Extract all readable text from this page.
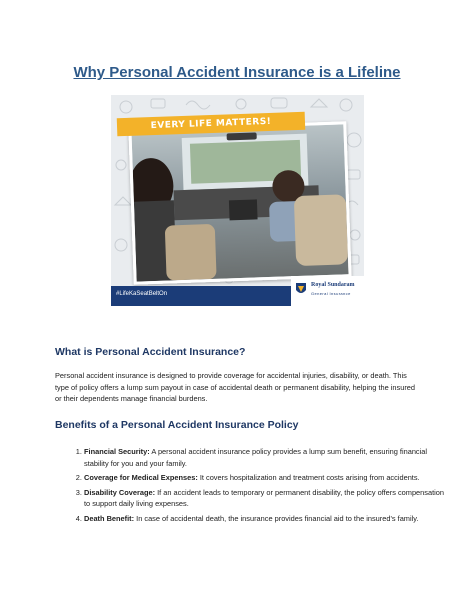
Why Personal Accident Insurance is a Lifeline
EVERY LIFE MATTERS!
#LifeKaSeatBeltOn
Royal Sundaram
General Insurance
What is Personal Accident Insurance?

Personal accident insurance is designed to provide coverage for accidental injuries, disability, or death. This type of policy offers a lump sum payout in case of accidental death or permanent disability, helping the insured or their dependents manage financial burdens.

Benefits of a Personal Accident Insurance Policy
1. Financial Security: A personal accident insurance policy provides a lump sum benefit, ensuring financial stability for you and your family.
2. Coverage for Medical Expenses: It covers hospitalization and treatment costs arising from accidents.
3. Disability Coverage: If an accident leads to temporary or permanent disability, the policy offers compensation to support daily living expenses.
4. Death Benefit: In case of accidental death, the insurance provides financial aid to the insured's family.
